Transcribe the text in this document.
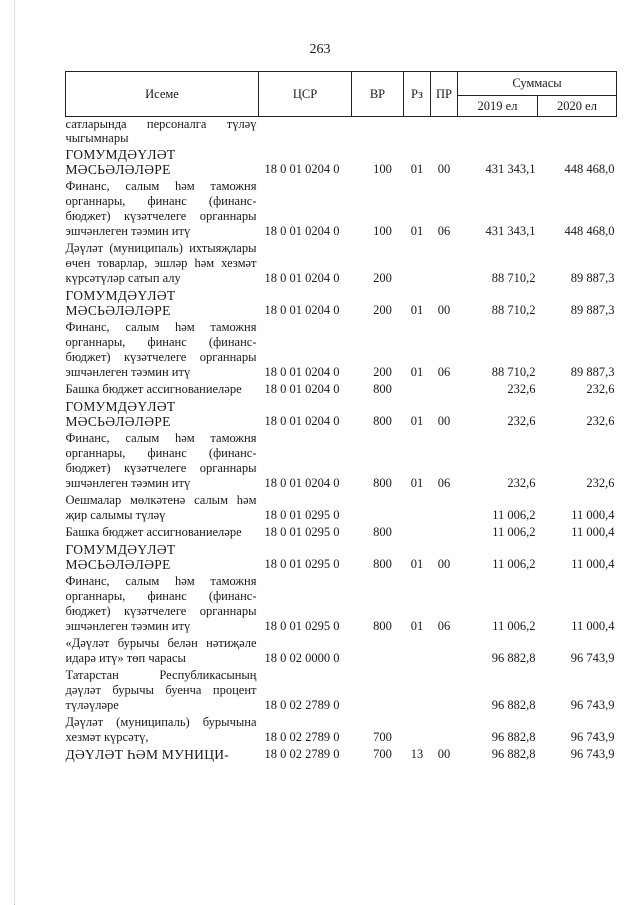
263
Исеме	ЦСР	ВР	Рз	ПР	Суммасы	
					2019 ел	2020 ел
сатларында персоналга түләү чыгымнары						
ГОМУМДӘҮЛӘТ МӘСЬӘЛӘЛӘРЕ	18 0 01 0204 0	100	01	00	431 343,1	448 468,0
Финанс, салым һәм таможня органнары, финанс (финанс-бюджет) күзәтчелеге органнары эшчәнлеген тәэмин итү	18 0 01 0204 0	100	01	06	431 343,1	448 468,0
Дәүләт (муниципаль) ихтыяҗлары өчен товарлар, эшләр һәм хезмәт күрсәтүләр сатып алу	18 0 01 0204 0	200			88 710,2	89 887,3
ГОМУМДӘҮЛӘТ МӘСЬӘЛӘЛӘРЕ	18 0 01 0204 0	200	01	00	88 710,2	89 887,3
Финанс, салым һәм таможня органнары, финанс (финанс-бюджет) күзәтчелеге органнары эшчәнлеген тәэмин итү	18 0 01 0204 0	200	01	06	88 710,2	89 887,3
Башка бюджет ассигнованиеләре	18 0 01 0204 0	800			232,6	232,6
ГОМУМДӘҮЛӘТ МӘСЬӘЛӘЛӘРЕ	18 0 01 0204 0	800	01	00	232,6	232,6
Финанс, салым һәм таможня органнары, финанс (финанс-бюджет) күзәтчелеге органнары эшчәнлеген тәэмин итү	18 0 01 0204 0	800	01	06	232,6	232,6
Оешмалар мөлкәтенә салым һәм җир салымы түләү	18 0 01 0295 0				11 006,2	11 000,4
Башка бюджет ассигнованиеләре	18 0 01 0295 0	800			11 006,2	11 000,4
ГОМУМДӘҮЛӘТ МӘСЬӘЛӘЛӘРЕ	18 0 01 0295 0	800	01	00	11 006,2	11 000,4
Финанс, салым һәм таможня органнары, финанс (финанс-бюджет) күзәтчелеге органнары эшчәнлеген тәэмин итү	18 0 01 0295 0	800	01	06	11 006,2	11 000,4
«Дәүләт бурычы белән нәтиҗәле идарә итү» төп чарасы	18 0 02 0000 0				96 882,8	96 743,9
Татарстан Республикасының дәүләт бурычы буенча процент түләүләре	18 0 02 2789 0				96 882,8	96 743,9
Дәүләт (муниципаль) бурычына хезмәт күрсәтү,	18 0 02 2789 0	700			96 882,8	96 743,9
ДӘҮЛӘТ ҺӘМ МУНИЦИ-	18 0 02 2789 0	700	13	00	96 882,8	96 743,9
